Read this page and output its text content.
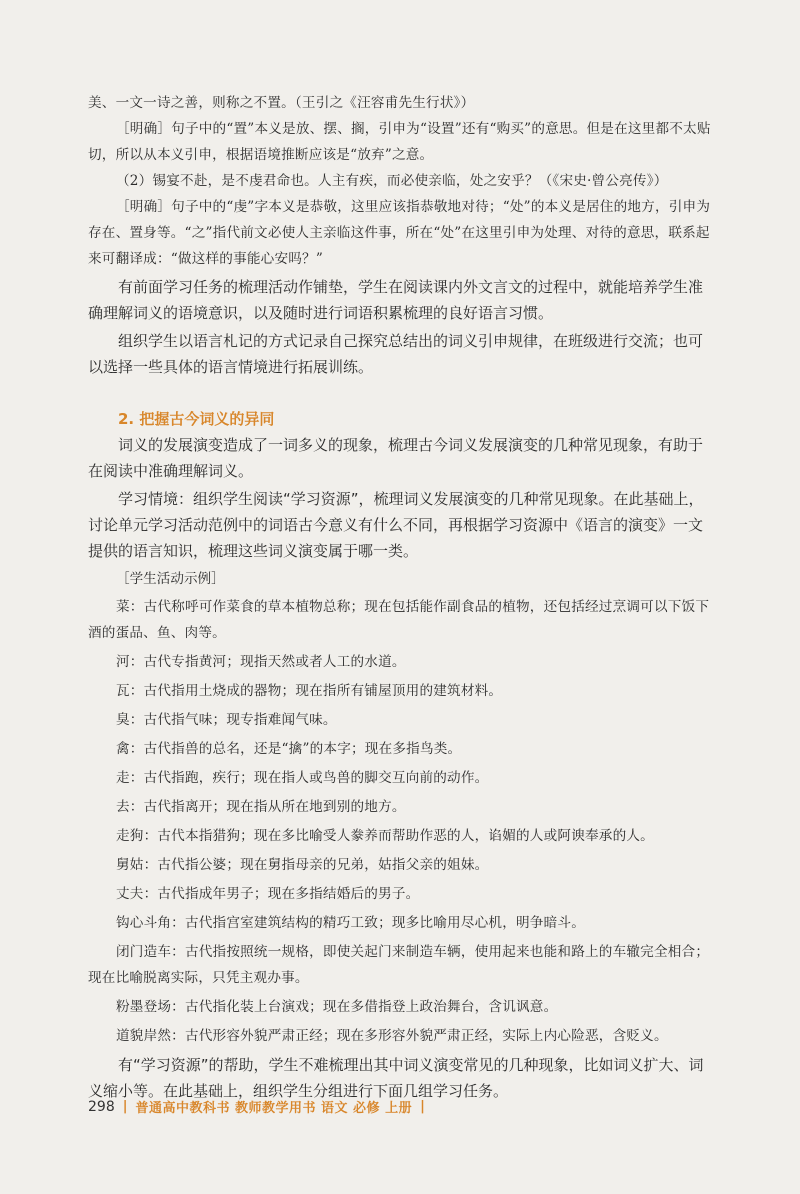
美、一文一诗之善，则称之不置。（王引之《汪容甫先生行状》）

［明确］句子中的“置”本义是放、摆、搁，引申为“设置”还有“购买”的意思。但是在这里都不太贴切，所以从本义引申，根据语境推断应该是“放弃”之意。

（2）锡宴不赴，是不虔君命也。人主有疾，而必使亲临，处之安乎？（《宋史·曾公亮传》）

［明确］句子中的“虔”字本义是恭敬，这里应该指恭敬地对待；“处”的本义是居住的地方，引申为存在、置身等。“之”指代前文必使人主亲临这件事，所在“处”在这里引申为处理、对待的意思，联系起来可翻译成：“做这样的事能心安吗？”

有前面学习任务的梳理活动作铺垫，学生在阅读课内外文言文的过程中，就能培养学生准确理解词义的语境意识，以及随时进行词语积累梳理的良好语言习惯。

组织学生以语言札记的方式记录自己探究总结出的词义引申规律，在班级进行交流；也可以选择一些具体的语言情境进行拓展训练。

2. 把握古今词义的异同

词义的发展演变造成了一词多义的现象，梳理古今词义发展演变的几种常见现象，有助于在阅读中准确理解词义。

学习情境：组织学生阅读“学习资源”，梳理词义发展演变的几种常见现象。在此基础上，讨论单元学习活动范例中的词语古今意义有什么不同，再根据学习资源中《语言的演变》一文提供的语言知识，梳理这些词义演变属于哪一类。

［学生活动示例］

菜：古代称呼可作菜食的草本植物总称；现在包括能作副食品的植物，还包括经过烹调可以下饭下酒的蛋品、鱼、肉等。

河：古代专指黄河；现指天然或者人工的水道。

瓦：古代指用土烧成的器物；现在指所有铺屋顶用的建筑材料。

臭：古代指气味；现专指难闻气味。

禽：古代指兽的总名，还是“擒”的本字；现在多指鸟类。

走：古代指跑，疾行；现在指人或鸟兽的脚交互向前的动作。

去：古代指离开；现在指从所在地到别的地方。

走狗：古代本指猎狗；现在多比喻受人豢养而帮助作恶的人，谄媚的人或阿谀奉承的人。

舅姑：古代指公婆；现在舅指母亲的兄弟，姑指父亲的姐妹。

丈夫：古代指成年男子；现在多指结婚后的男子。

钩心斗角：古代指宫室建筑结构的精巧工致；现多比喻用尽心机，明争暗斗。

闭门造车：古代指按照统一规格，即使关起门来制造车辆，使用起来也能和路上的车辙完全相合；现在比喻脱离实际，只凭主观办事。

粉墨登场：古代指化装上台演戏；现在多借指登上政治舞台，含讥讽意。

道貌岸然：古代形容外貌严肃正经；现在多形容外貌严肃正经，实际上内心险恶，含贬义。

有“学习资源”的帮助，学生不难梳理出其中词义演变常见的几种现象，比如词义扩大、词义缩小等。在此基础上，组织学生分组进行下面几组学习任务。

298 | 普通高中教科书 教师教学用书 语文 必修 上册 |
